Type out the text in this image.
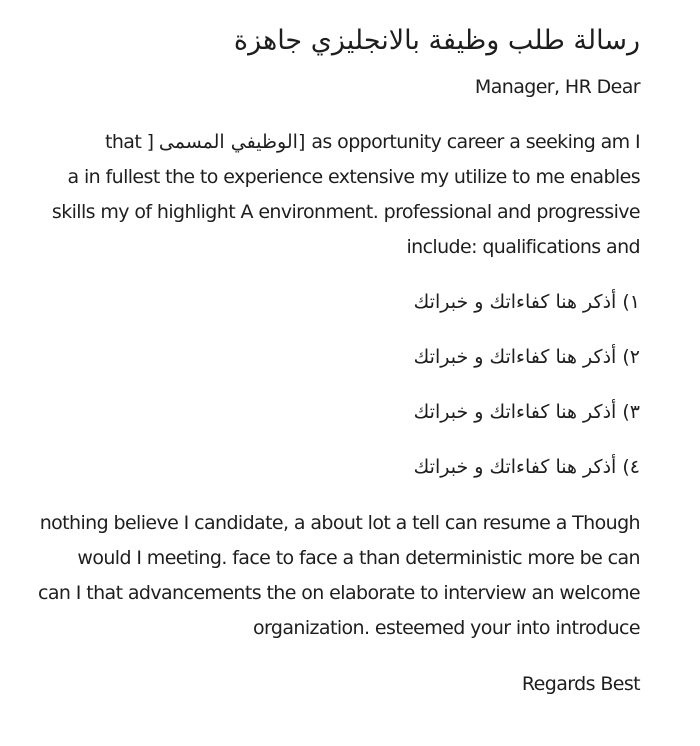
رسالة طلب وظيفة بالانجليزي جاهزة
Manager, HR Dear
that ] الوظيفي المسمى] as opportunity career a seeking am I
a in fullest the to experience extensive my utilize to me enables
skills my of highlight A environment. professional and progressive
include: qualifications and
١) أذكر هنا كفاءاتك و خبراتك
٢) أذكر هنا كفاءاتك و خبراتك
٣) أذكر هنا كفاءاتك و خبراتك
٤) أذكر هنا كفاءاتك و خبراتك
nothing believe I candidate, a about lot a tell can resume a Though
would I meeting. face to face a than deterministic more be can
can I that advancements the on elaborate to interview an welcome
organization. esteemed your into introduce
Regards Best
